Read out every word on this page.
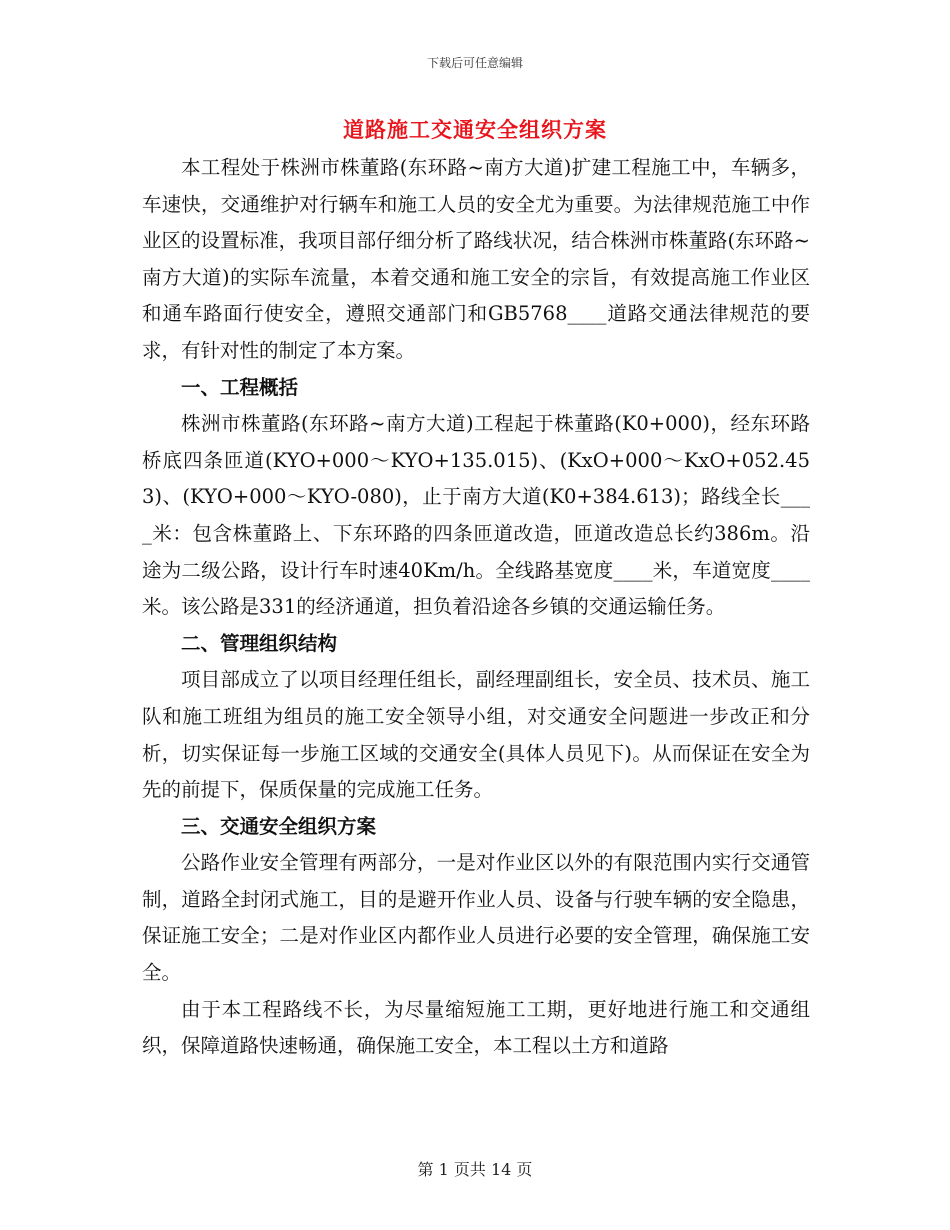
下载后可任意编辑
道路施工交通安全组织方案

本工程处于株洲市株董路(东环路~南方大道)扩建工程施工中，车辆多，车速快，交通维护对行辆车和施工人员的安全尤为重要。为法律规范施工中作业区的设置标准，我项目部仔细分析了路线状况，结合株洲市株董路(东环路~南方大道)的实际车流量，本着交通和施工安全的宗旨，有效提高施工作业区和通车路面行使安全，遵照交通部门和GB5768____道路交通法律规范的要求，有针对性的制定了本方案。

一、工程概括

株洲市株董路(东环路~南方大道)工程起于株董路(K0+000)，经东环路桥底四条匝道(KYO+000～KYO+135.015)、(KxO+000～KxO+052.453)、(KYO+000～KYO-080)，止于南方大道(K0+384.613)；路线全长____米：包含株董路上、下东环路的四条匝道改造，匝道改造总长约386m。沿途为二级公路，设计行车时速40Km/h。全线路基宽度____米，车道宽度____米。该公路是331的经济通道，担负着沿途各乡镇的交通运输任务。

二、管理组织结构

项目部成立了以项目经理任组长，副经理副组长，安全员、技术员、施工队和施工班组为组员的施工安全领导小组，对交通安全问题进一步改正和分析，切实保证每一步施工区域的交通安全(具体人员见下)。从而保证在安全为先的前提下，保质保量的完成施工任务。

三、交通安全组织方案

公路作业安全管理有两部分，一是对作业区以外的有限范围内实行交通管制，道路全封闭式施工，目的是避开作业人员、设备与行驶车辆的安全隐患，保证施工安全；二是对作业区内都作业人员进行必要的安全管理，确保施工安全。

由于本工程路线不长，为尽量缩短施工工期，更好地进行施工和交通组织，保障道路快速畅通，确保施工安全，本工程以土方和道路

第 1 页共 14 页
